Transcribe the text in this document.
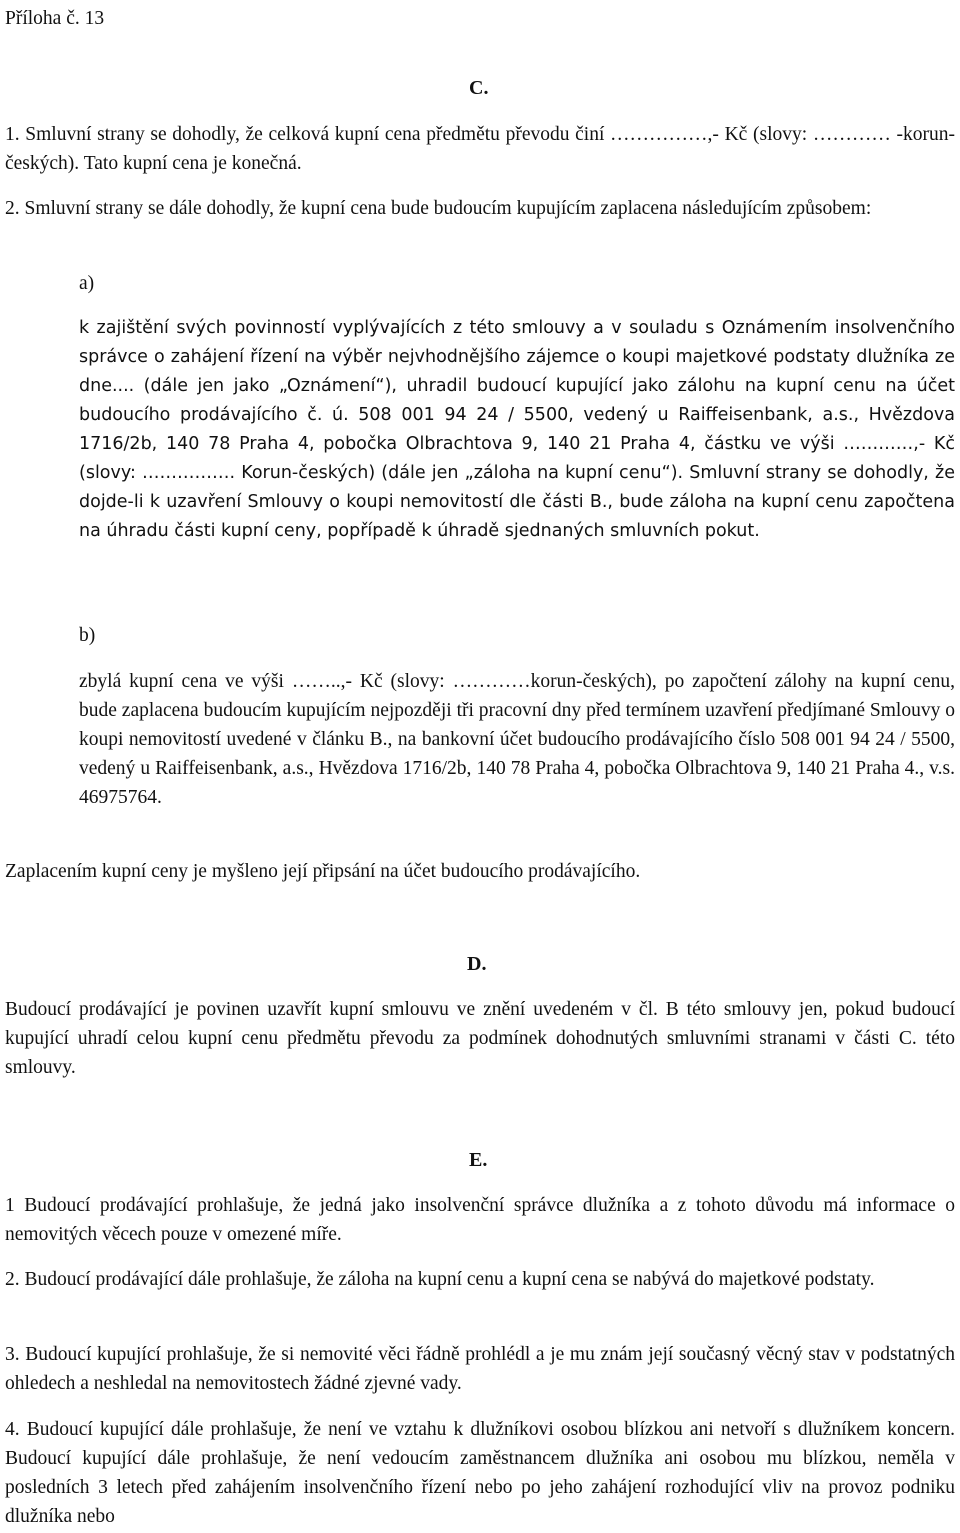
Příloha č. 13

C.

1. Smluvní strany se dohodly, že celková kupní cena předmětu převodu činí ……………,- Kč (slovy: ………… -korun-českých). Tato kupní cena je konečná.

2. Smluvní strany se dále dohodly, že kupní cena bude budoucím kupujícím zaplacena následujícím způsobem:

a)

k zajištění svých povinností vyplývajících z této smlouvy a v souladu s Oznámením insolvenčního správce o zahájení řízení na výběr nejvhodnějšího zájemce o koupi majetkové podstaty dlužníka ze dne.... (dále jen jako „Oznámení“), uhradil budoucí kupující jako zálohu na kupní cenu na účet budoucího prodávajícího č. ú. 508 001 94 24 / 5500, vedený u Raiffeisenbank, a.s., Hvězdova 1716/2b, 140 78 Praha 4, pobočka Olbrachtova 9, 140 21 Praha 4, částku ve výši …………,- Kč (slovy: ……………. Korun-českých) (dále jen „záloha na kupní cenu“). Smluvní strany se dohodly, že dojde-li k uzavření Smlouvy o koupi nemovitostí dle části B., bude záloha na kupní cenu započtena na úhradu části kupní ceny, popřípadě k úhradě sjednaných smluvních pokut.

b)

zbylá kupní cena ve výši ……..,- Kč (slovy: …………korun-českých), po započtení zálohy na kupní cenu, bude zaplacena budoucím kupujícím nejpozději tři pracovní dny před termínem uzavření předjímané Smlouvy o koupi nemovitostí uvedené v článku B., na bankovní účet budoucího prodávajícího číslo 508 001 94 24 / 5500, vedený u Raiffeisenbank, a.s., Hvězdova 1716/2b, 140 78 Praha 4, pobočka Olbrachtova 9, 140 21 Praha 4., v.s. 46975764.

Zaplacením kupní ceny je myšleno její připsání na účet budoucího prodávajícího.

D.

Budoucí prodávající je povinen uzavřít kupní smlouvu ve znění uvedeném v čl. B této smlouvy jen, pokud budoucí kupující uhradí celou kupní cenu předmětu převodu za podmínek dohodnutých smluvními stranami v části C. této smlouvy.

E.

1 Budoucí prodávající prohlašuje, že jedná jako insolvenční správce dlužníka a z tohoto důvodu má informace o nemovitých věcech pouze v omezené míře.

2. Budoucí prodávající dále prohlašuje, že záloha na kupní cenu a kupní cena se nabývá do majetkové podstaty.

3. Budoucí kupující prohlašuje, že si nemovité věci řádně prohlédl a je mu znám její současný věcný stav v podstatných ohledech a neshledal na nemovitostech žádné zjevné vady.

4. Budoucí kupující dále prohlašuje, že není ve vztahu k dlužníkovi osobou blízkou ani netvoří s dlužníkem koncern. Budoucí kupující dále prohlašuje, že není vedoucím zaměstnancem dlužníka ani osobou mu blízkou, neměla v posledních 3 letech před zahájením insolvenčního řízení nebo po jeho zahájení rozhodující vliv na provoz podniku dlužníka nebo
